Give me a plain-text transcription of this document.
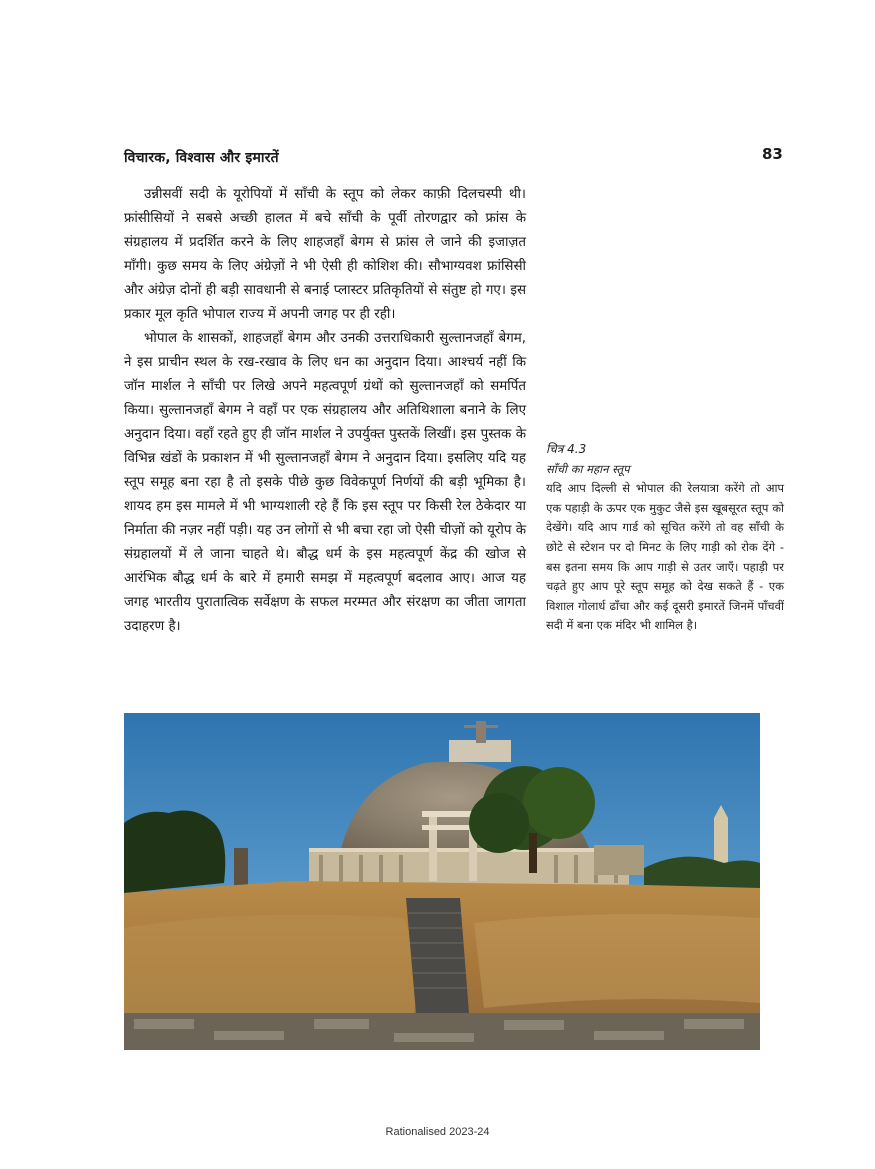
विचारक, विश्वास और इमारतें	83

उन्नीसवीं सदी के यूरोपियों में साँची के स्तूप को लेकर काफ़ी दिलचस्पी थी। फ्रांसीसियों ने सबसे अच्छी हालत में बचे साँची के पूर्वी तोरणद्वार को फ्रांस के संग्रहालय में प्रदर्शित करने के लिए शाहजहाँ बेगम से फ्रांस ले जाने की इजाज़त माँगी। कुछ समय के लिए अंग्रेज़ों ने भी ऐसी ही कोशिश की। सौभाग्यवश फ्रांसिसी और अंग्रेज़ दोनों ही बड़ी सावधानी से बनाई प्लास्टर प्रतिकृतियों से संतुष्ट हो गए। इस प्रकार मूल कृति भोपाल राज्य में अपनी जगह पर ही रही।

भोपाल के शासकों, शाहजहाँ बेगम और उनकी उत्तराधिकारी सुल्तानजहाँ बेगम, ने इस प्राचीन स्थल के रख-रखाव के लिए धन का अनुदान दिया। आश्चर्य नहीं कि जॉन मार्शल ने साँची पर लिखे अपने महत्वपूर्ण ग्रंथों को सुल्तानजहाँ को समर्पित किया। सुल्तानजहाँ बेगम ने वहाँ पर एक संग्रहालय और अतिथिशाला बनाने के लिए अनुदान दिया। वहाँ रहते हुए ही जॉन मार्शल ने उपर्युक्त पुस्तकें लिखीं। इस पुस्तक के विभिन्न खंडों के प्रकाशन में भी सुल्तानजहाँ बेगम ने अनुदान दिया। इसलिए यदि यह स्तूप समूह बना रहा है तो इसके पीछे कुछ विवेकपूर्ण निर्णयों की बड़ी भूमिका है। शायद हम इस मामले में भी भाग्यशाली रहे हैं कि इस स्तूप पर किसी रेल ठेकेदार या निर्माता की नज़र नहीं पड़ी। यह उन लोगों से भी बचा रहा जो ऐसी चीज़ों को यूरोप के संग्रहालयों में ले जाना चाहते थे। बौद्ध धर्म के इस महत्वपूर्ण केंद्र की खोज से आरंभिक बौद्ध धर्म के बारे में हमारी समझ में महत्वपूर्ण बदलाव आए। आज यह जगह भारतीय पुरातात्विक सर्वेक्षण के सफल मरम्मत और संरक्षण का जीता जागता उदाहरण है।

चित्र 4.3
साँची का महान स्तूप
यदि आप दिल्ली से भोपाल की रेलयात्रा करेंगे तो आप एक पहाड़ी के ऊपर एक मुकुट जैसे इस खूबसूरत स्तूप को देखेंगे। यदि आप गार्ड को सूचित करेंगे तो वह साँची के छोटे से स्टेशन पर दो मिनट के लिए गाड़ी को रोक देंगे - बस इतना समय कि आप गाड़ी से उतर जाएँ। पहाड़ी पर चढ़ते हुए आप पूरे स्तूप समूह को देख सकते हैं - एक विशाल गोलार्ध ढाँचा और कई दूसरी इमारतें जिनमें पाँचवीं सदी में बना एक मंदिर भी शामिल है।
Rationalised 2023-24
